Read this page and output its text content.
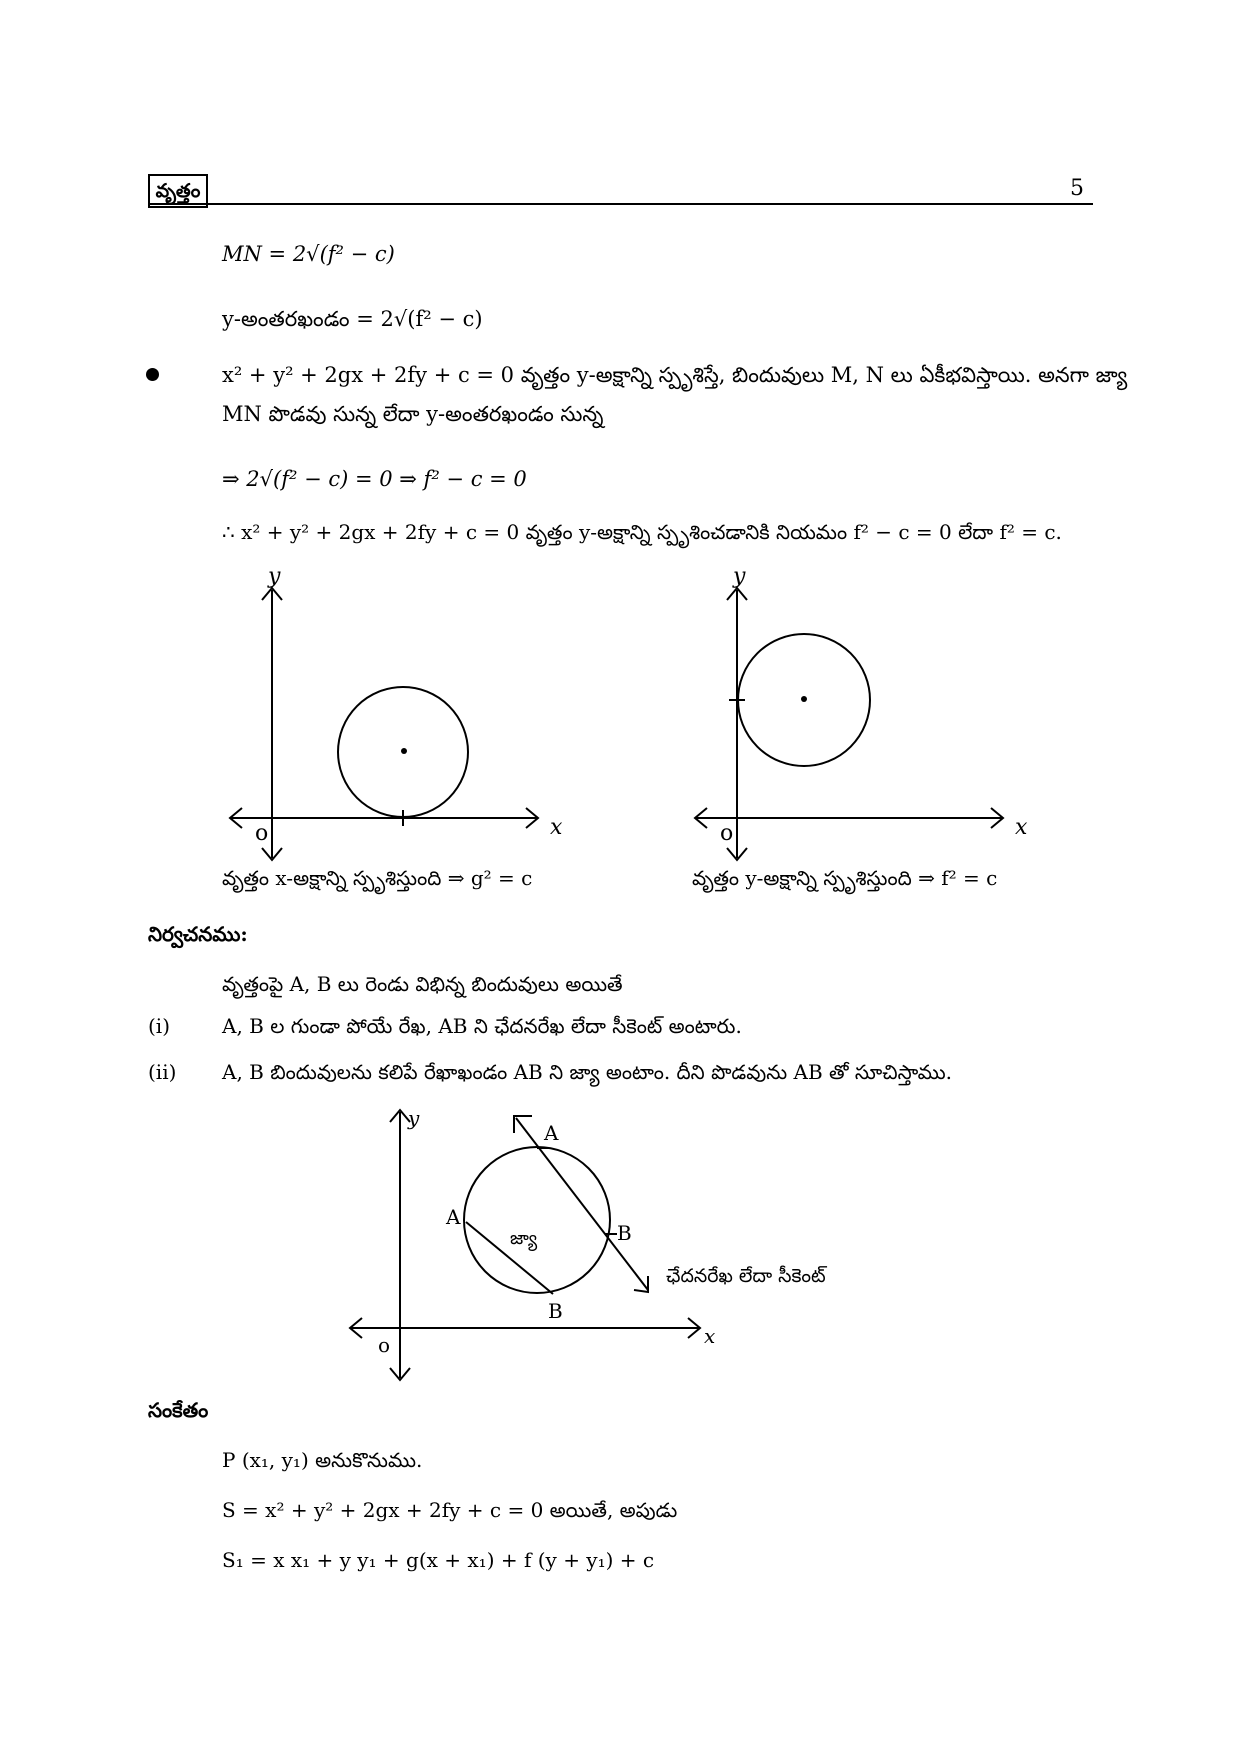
వృత్తం	5
MN = 2√(f² − c)
y-అంతరఖండం = 2√(f² − c)
x² + y² + 2gx + 2fy + c = 0 వృత్తం y-అక్షాన్ని స్పృశిస్తే, బిందువులు M, N లు ఏకీభవిస్తాయి. అనగా జ్యా
MN పొడవు సున్న లేదా y-అంతరఖండం సున్న
⇒ 2√(f² − c) = 0 ⇒ f² − c = 0
∴ x² + y² + 2gx + 2fy + c = 0 వృత్తం y-అక్షాన్ని స్పృశించడానికి నియమం f² − c = 0 లేదా f² = c.
y
x
o
వృత్తం x-అక్షాన్ని స్పృశిస్తుంది ⇒ g² = c
y
x
o
వృత్తం y-అక్షాన్ని స్పృశిస్తుంది ⇒ f² = c
నిర్వచనము:
వృత్తంపై A, B లు రెండు విభిన్న బిందువులు అయితే
(i)	A, B ల గుండా పోయే రేఖ, AB ని ఛేదనరేఖ లేదా సీకెంట్ అంటారు.
(ii) A, B బిందువులను కలిపే రేఖాఖండం AB ని జ్యా అంటాం. దీని పొడవును AB తో సూచిస్తాము.
y
x
o
A
B
A
B
జ్యా
ఛేదనరేఖ లేదా సీకెంట్
సంకేతం
P (x₁, y₁) అనుకొనుము.
S = x² + y² + 2gx + 2fy + c = 0 అయితే, అపుడు
S₁ = x x₁ + y y₁ + g(x + x₁) + f (y + y₁) + c
